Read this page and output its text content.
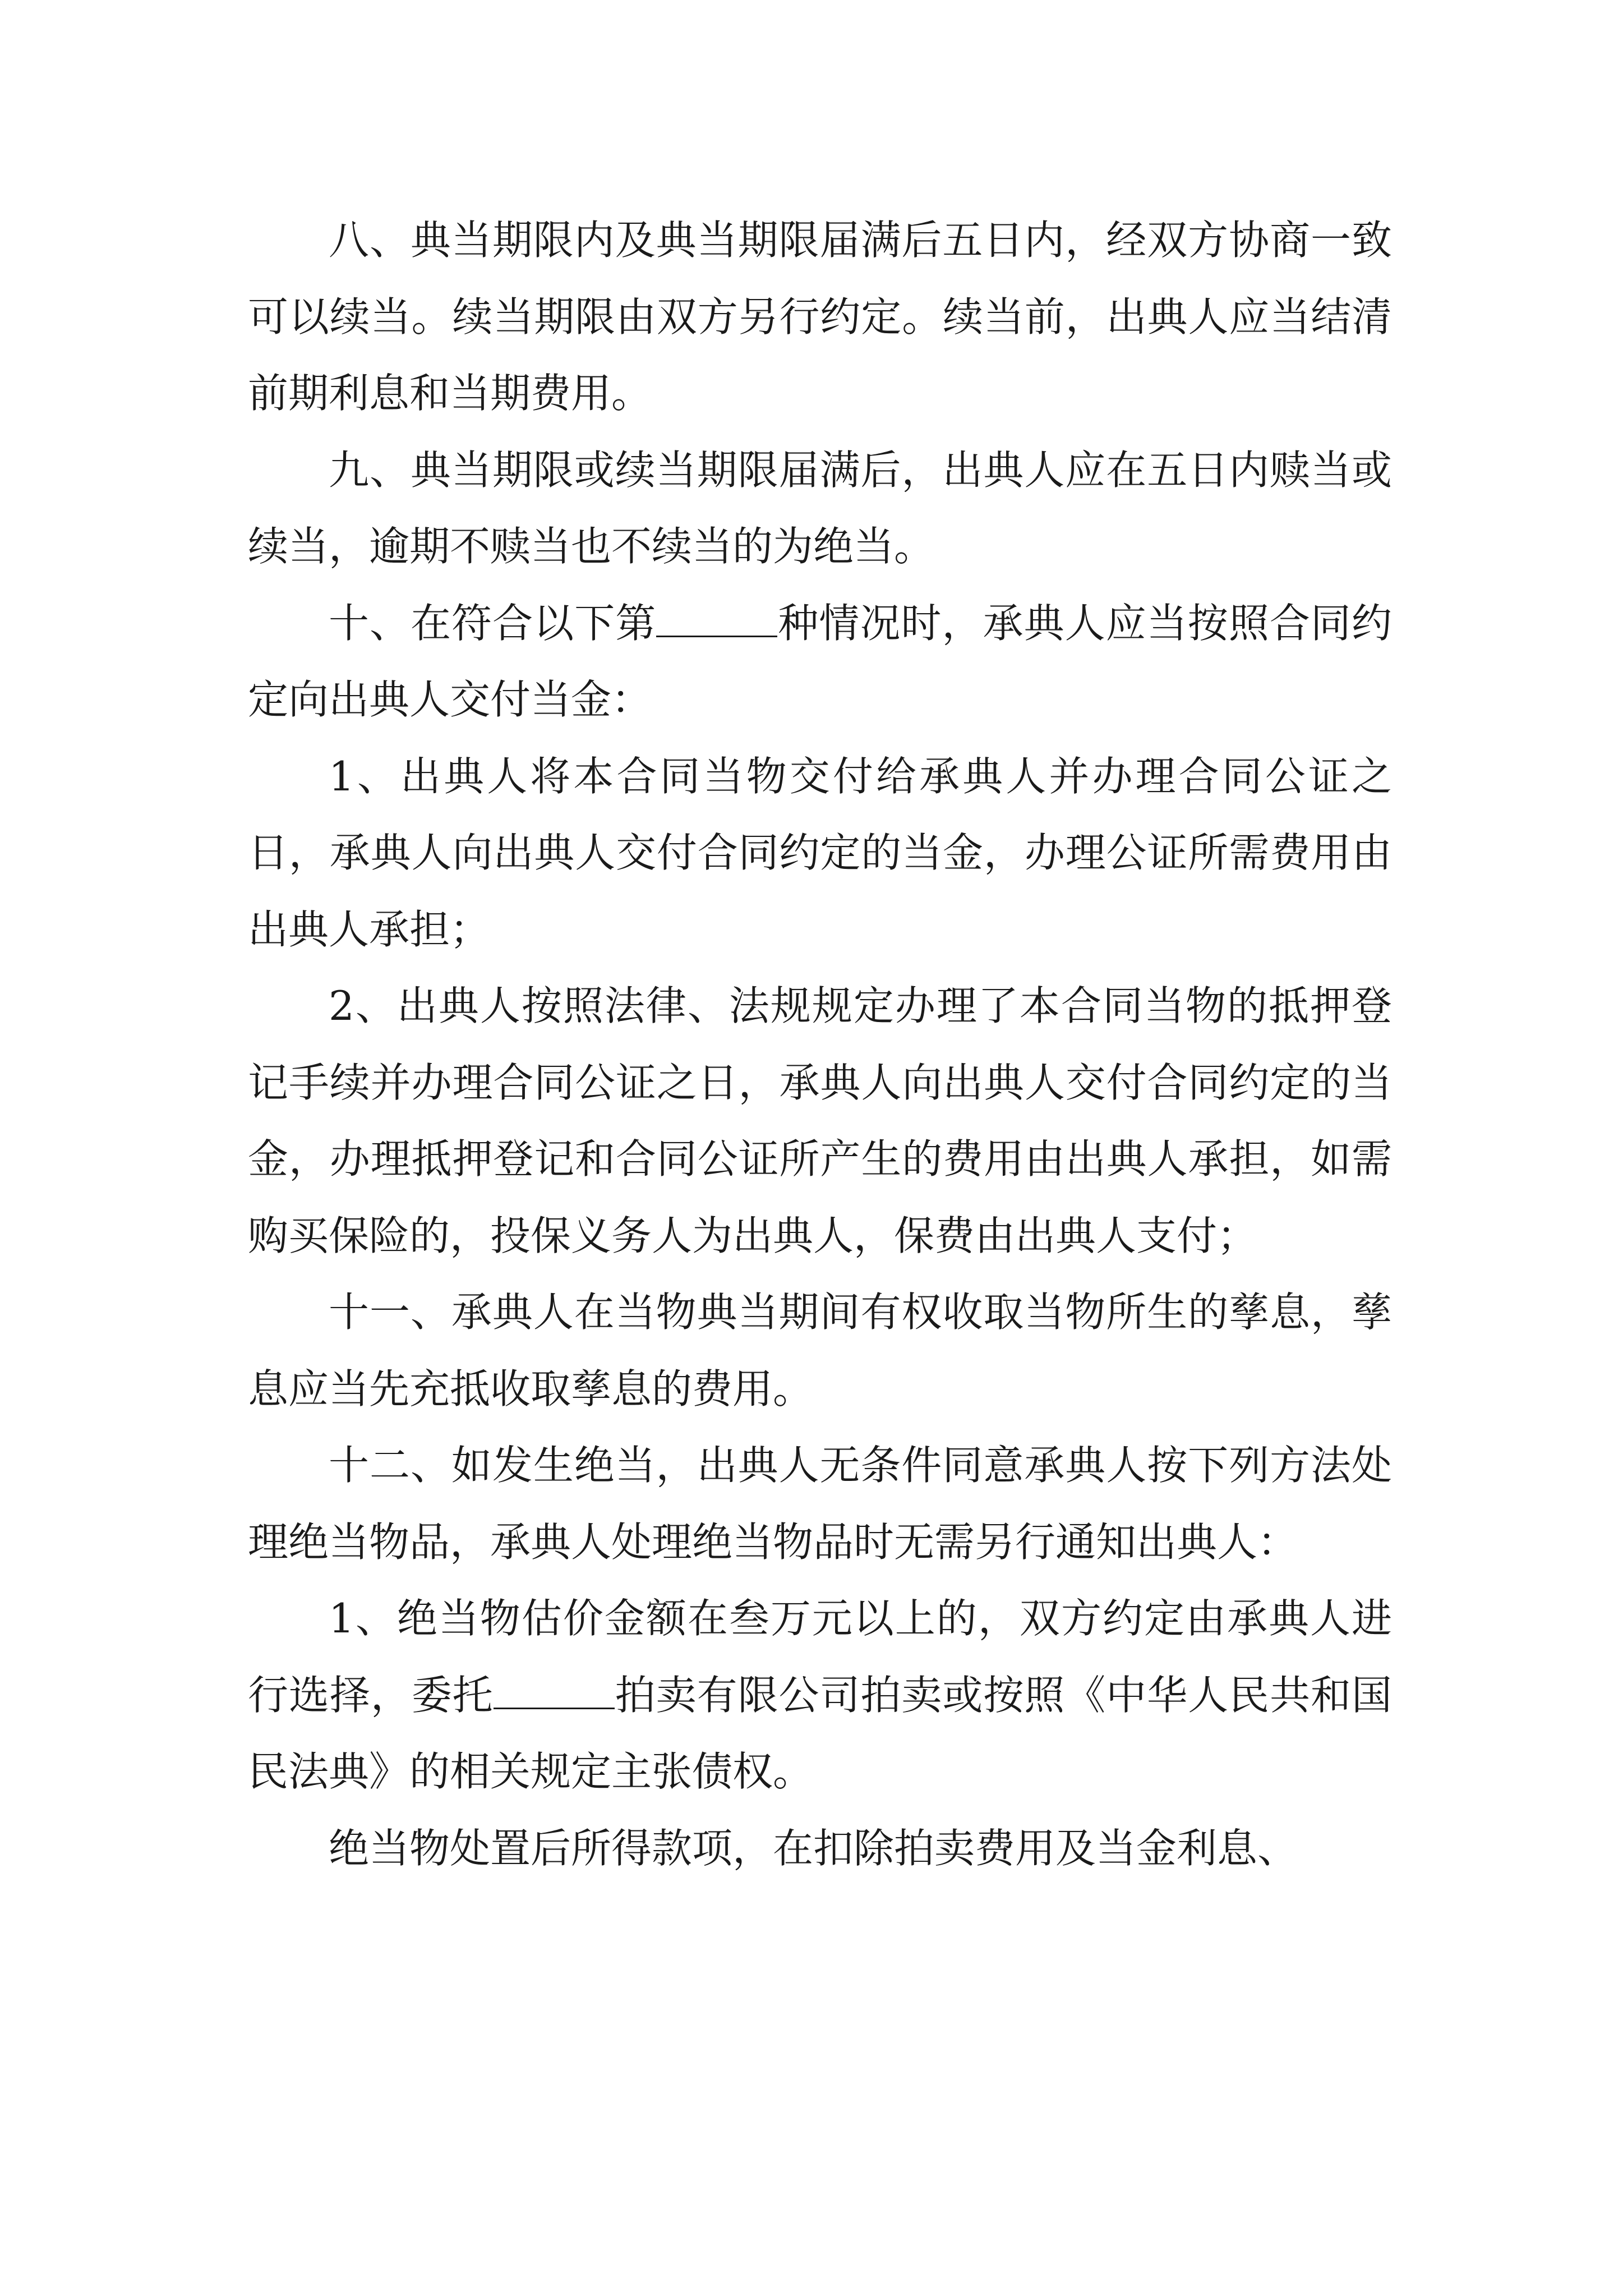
八、典当期限内及典当期限届满后五日内，经双方协商一致可以续当。续当期限由双方另行约定。续当前，出典人应当结清前期利息和当期费用。

九、典当期限或续当期限届满后，出典人应在五日内赎当或续当，逾期不赎当也不续当的为绝当。

十、在符合以下第	种情况时，承典人应当按照合同约定向出典人交付当金：

1、出典人将本合同当物交付给承典人并办理合同公证之日，承典人向出典人交付合同约定的当金，办理公证所需费用由出典人承担；

2、出典人按照法律、法规规定办理了本合同当物的抵押登记手续并办理合同公证之日，承典人向出典人交付合同约定的当金，办理抵押登记和合同公证所产生的费用由出典人承担，如需购买保险的，投保义务人为出典人，保费由出典人支付；

十一、承典人在当物典当期间有权收取当物所生的孳息，孳息应当先充抵收取孳息的费用。

十二、如发生绝当，出典人无条件同意承典人按下列方法处理绝当物品，承典人处理绝当物品时无需另行通知出典人：

1、绝当物估价金额在叁万元以上的，双方约定由承典人进行选择，委托	拍卖有限公司拍卖或按照《中华人民共和国民法典》的相关规定主张债权。

绝当物处置后所得款项，在扣除拍卖费用及当金利息、
